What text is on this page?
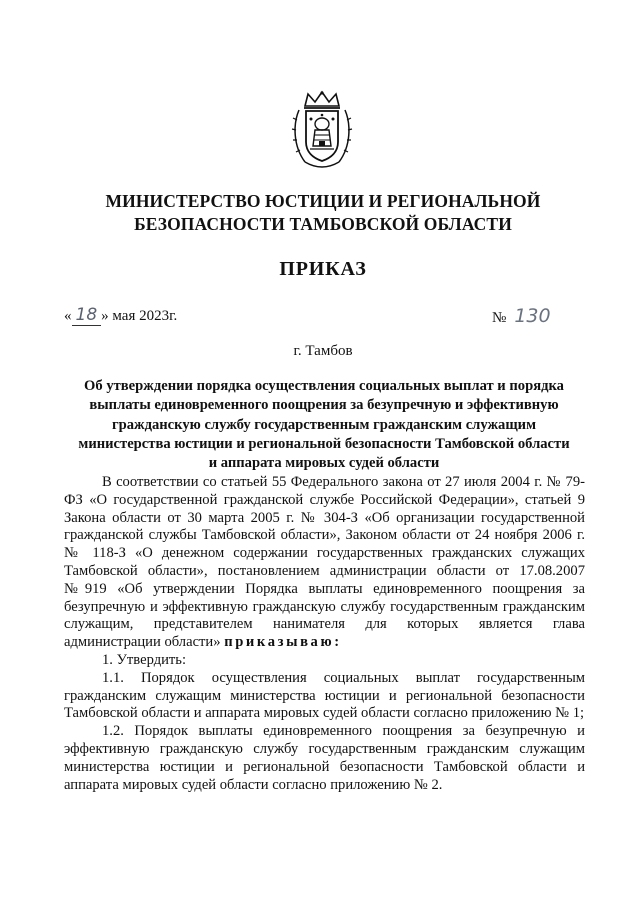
МИНИСТЕРСТВО ЮСТИЦИИ И РЕГИОНАЛЬНОЙ
БЕЗОПАСНОСТИ ТАМБОВСКОЙ ОБЛАСТИ
ПРИКАЗ
« 18 » мая 2023г.	№ 130
г. Тамбов
Об утверждении порядка осуществления социальных выплат и порядка
выплаты единовременного поощрения за безупречную и эффективную
гражданскую службу государственным гражданским служащим
министерства юстиции и региональной безопасности Тамбовской области
и аппарата мировых судей области

В соответствии со статьей 55 Федерального закона от 27 июля 2004 г. № 79-ФЗ «О государственной гражданской службе Российской Федерации», статьей 9 Закона области от 30 марта 2005 г. № 304-З «Об организации государственной гражданской службы Тамбовской области», Законом области от 24 ноября 2006 г. № 118-З «О денежном содержании государственных гражданских служащих Тамбовской области», постановлением администрации области от 17.08.2007 №919 «Об утверждении Порядка выплаты единовременного поощрения за безупречную и эффективную гражданскую службу государственным гражданским служащим, представителем нанимателя для которых является глава администрации области» приказываю:

1. Утвердить:

1.1. Порядок осуществления социальных выплат государственным гражданским служащим министерства юстиции и региональной безопасности Тамбовской области и аппарата мировых судей области согласно приложению № 1;

1.2. Порядок выплаты единовременного поощрения за безупречную и эффективную гражданскую службу государственным гражданским служащим министерства юстиции и региональной безопасности Тамбовской области и аппарата мировых судей области согласно приложению № 2.
